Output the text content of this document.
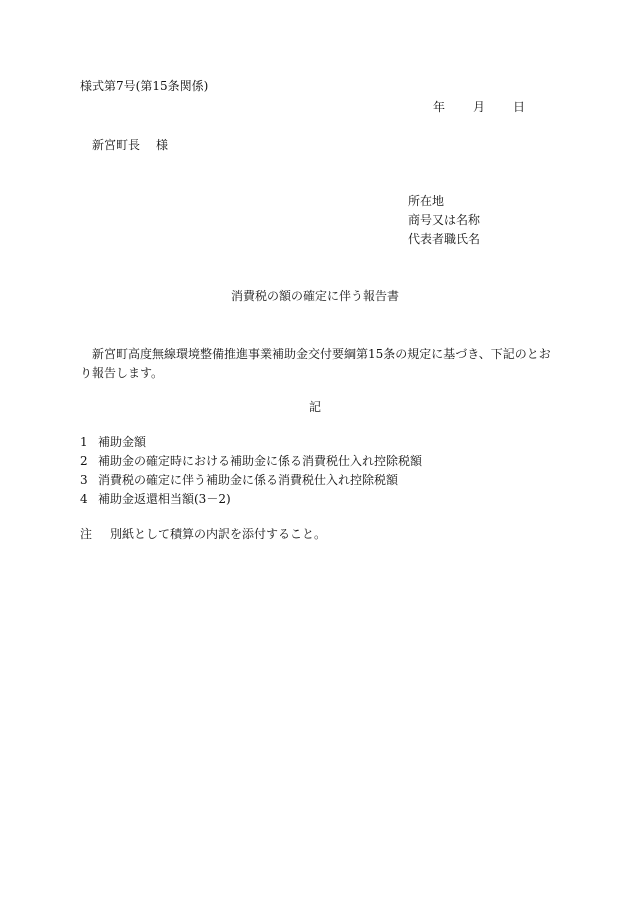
様式第7号(第15条関係)
年 月 日
新宮町長 様
所在地
商号又は名称
代表者職氏名
消費税の額の確定に伴う報告書
新宮町高度無線環境整備推進事業補助金交付要綱第15条の規定に基づき、下記のとおり報告します。
記
1 補助金額
2 補助金の確定時における補助金に係る消費税仕入れ控除税額
3 消費税の確定に伴う補助金に係る消費税仕入れ控除税額
4 補助金返還相当額(3－2)
注 別紙として積算の内訳を添付すること。
